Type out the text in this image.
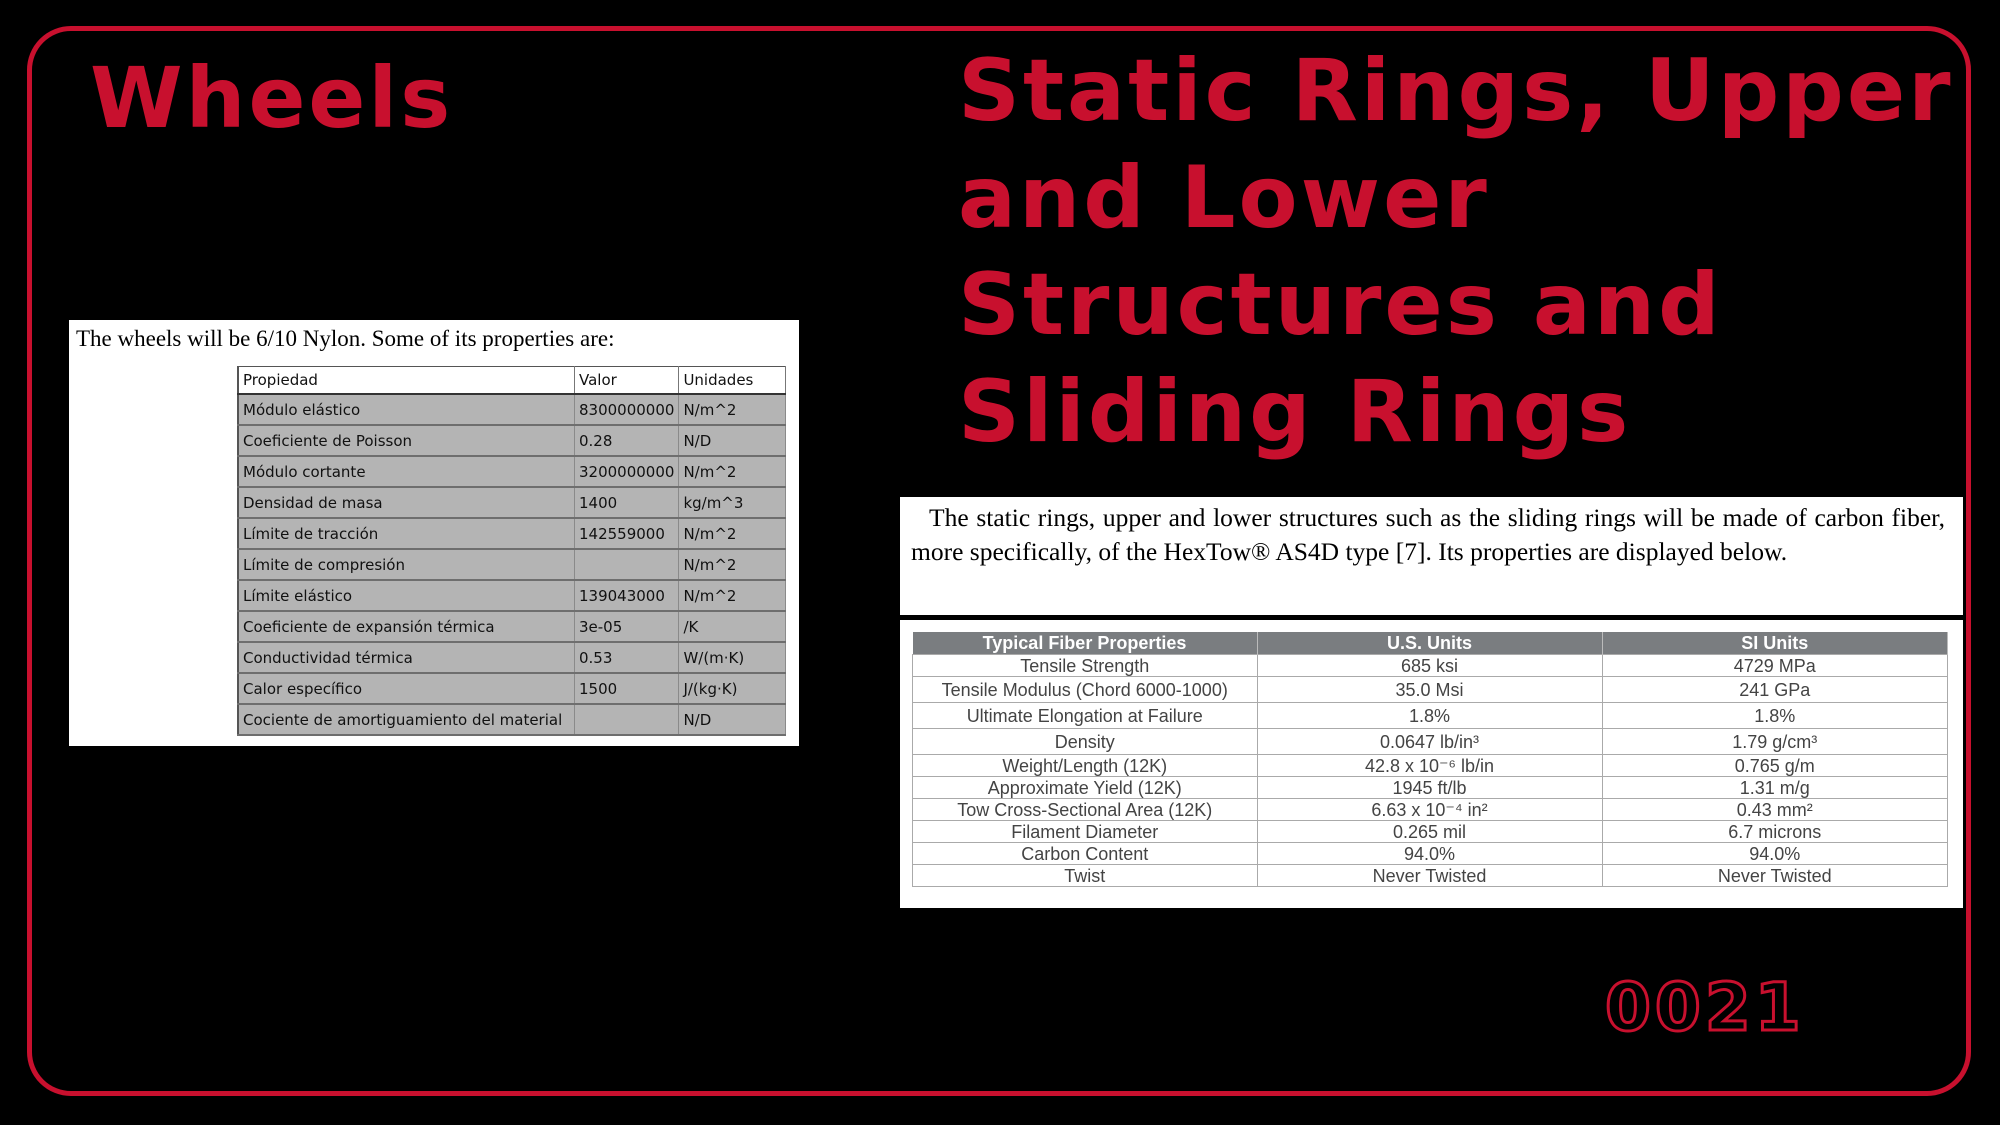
Wheels	Static Rings, Upper and Lower Structures and Sliding Rings
The wheels will be 6/10 Nylon. Some of its properties are:
Propiedad	Valor	Unidades
Módulo elástico	8300000000	N/m^2
Coeficiente de Poisson	0.28	N/D
Módulo cortante	3200000000	N/m^2
Densidad de masa	1400	kg/m^3
Límite de tracción	142559000	N/m^2
Límite de compresión		N/m^2
Límite elástico	139043000	N/m^2
Coeficiente de expansión térmica	3e-05	/K
Conductividad térmica	0.53	W/(m·K)
Calor específico	1500	J/(kg·K)
Cociente de amortiguamiento del material		N/D

The static rings, upper and lower structures such as the sliding rings will be made of carbon fiber, more specifically, of the HexTow® AS4D type [7]. Its properties are displayed below.

Typical Fiber Properties	U.S. Units	SI Units
Tensile Strength	685 ksi	4729 MPa
Tensile Modulus (Chord 6000-1000)	35.0 Msi	241 GPa
Ultimate Elongation at Failure	1.8%	1.8%
Density	0.0647 lb/in³	1.79 g/cm³
Weight/Length (12K)	42.8 x 10⁻⁶ lb/in	0.765 g/m
Approximate Yield (12K)	1945 ft/lb	1.31 m/g
Tow Cross-Sectional Area (12K)	6.63 x 10⁻⁴ in²	0.43 mm²
Filament Diameter	0.265 mil	6.7 microns
Carbon Content	94.0%	94.0%
Twist	Never Twisted	Never Twisted
0021
